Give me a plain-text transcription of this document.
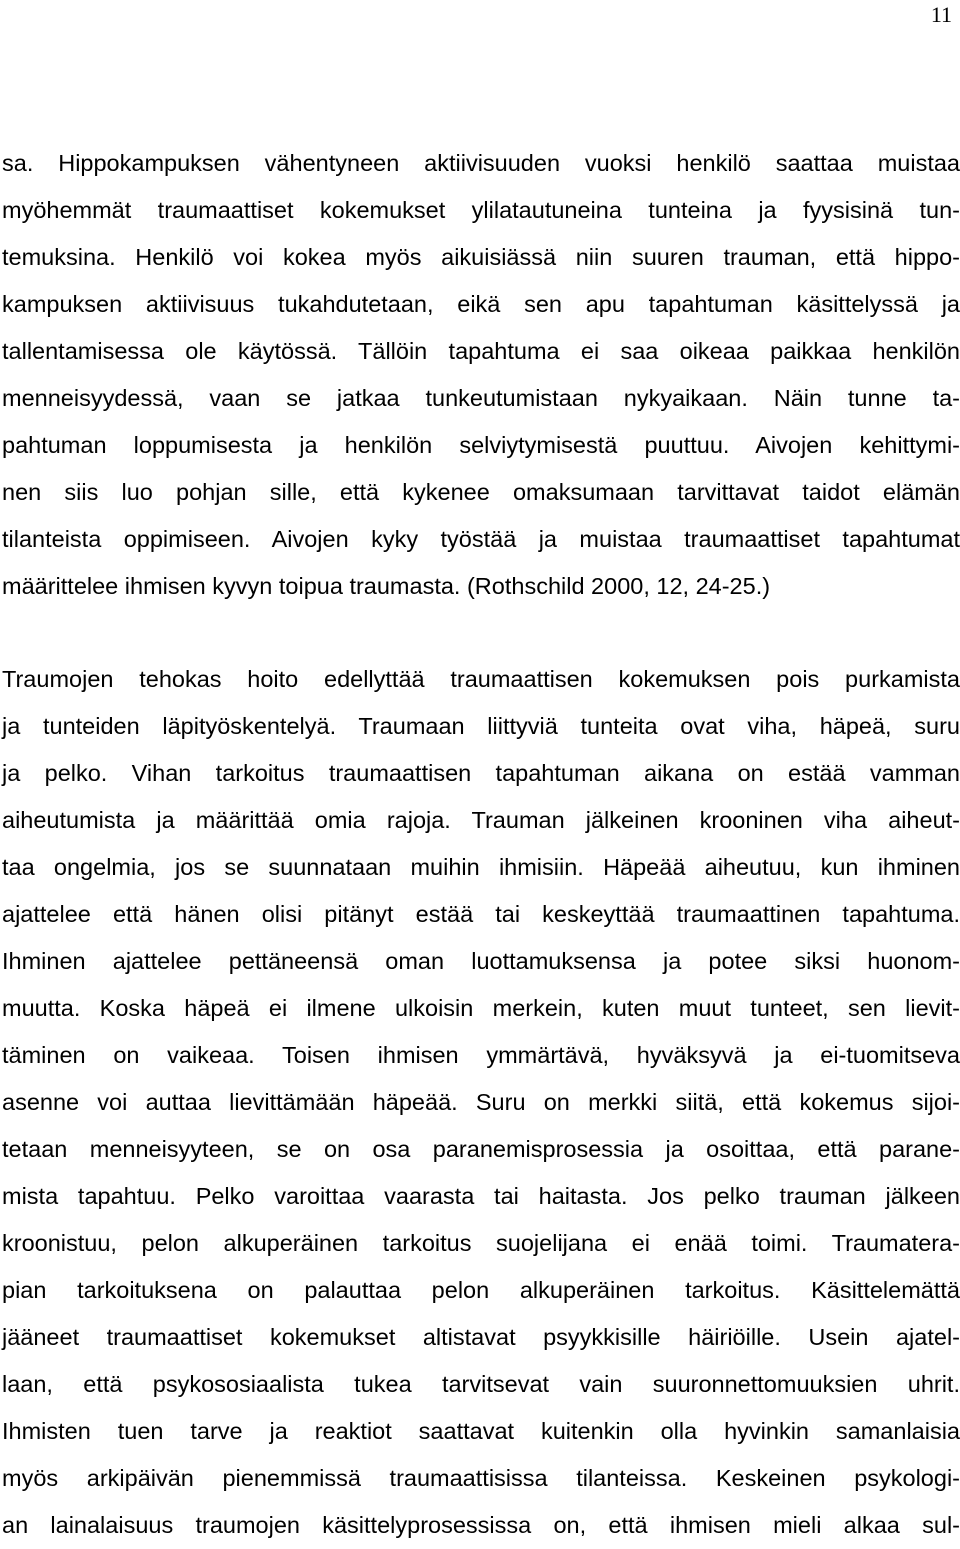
11
sa. Hippokampuksen vähentyneen aktiivisuuden vuoksi henkilö saattaa muistaa
myöhemmät traumaattiset kokemukset ylilatautuneina tunteina ja fyysisinä tun-
temuksina. Henkilö voi kokea myös aikuisiässä niin suuren trauman, että hippo-
kampuksen aktiivisuus tukahdutetaan, eikä sen apu tapahtuman käsittelyssä ja
tallentamisessa ole käytössä. Tällöin tapahtuma ei saa oikeaa paikkaa henkilön
menneisyydessä, vaan se jatkaa tunkeutumistaan nykyaikaan. Näin tunne ta-
pahtuman loppumisesta ja henkilön selviytymisestä puuttuu. Aivojen kehittymi-
nen siis luo pohjan sille, että kykenee omaksumaan tarvittavat taidot elämän
tilanteista oppimiseen. Aivojen kyky työstää ja muistaa traumaattiset tapahtumat
määrittelee ihmisen kyvyn toipua traumasta. (Rothschild 2000, 12, 24-25.)
Traumojen tehokas hoito edellyttää traumaattisen kokemuksen pois purkamista
ja tunteiden läpityöskentelyä. Traumaan liittyviä tunteita ovat viha, häpeä, suru
ja pelko. Vihan tarkoitus traumaattisen tapahtuman aikana on estää vamman
aiheutumista ja määrittää omia rajoja. Trauman jälkeinen krooninen viha aiheut-
taa ongelmia, jos se suunnataan muihin ihmisiin. Häpeää aiheutuu, kun ihminen
ajattelee että hänen olisi pitänyt estää tai keskeyttää traumaattinen tapahtuma.
Ihminen ajattelee pettäneensä oman luottamuksensa ja potee siksi huonom-
muutta. Koska häpeä ei ilmene ulkoisin merkein, kuten muut tunteet, sen lievit-
täminen on vaikeaa. Toisen ihmisen ymmärtävä, hyväksyvä ja ei-tuomitseva
asenne voi auttaa lievittämään häpeää. Suru on merkki siitä, että kokemus sijoi-
tetaan menneisyyteen, se on osa paranemisprosessia ja osoittaa, että parane-
mista tapahtuu. Pelko varoittaa vaarasta tai haitasta. Jos pelko trauman jälkeen
kroonistuu, pelon alkuperäinen tarkoitus suojelijana ei enää toimi. Traumatera-
pian tarkoituksena on palauttaa pelon alkuperäinen tarkoitus. Käsittelemättä
jääneet traumaattiset kokemukset altistavat psyykkisille häiriöille. Usein ajatel-
laan, että psykososiaalista tukea tarvitsevat vain suuronnettomuuksien uhrit.
Ihmisten tuen tarve ja reaktiot saattavat kuitenkin olla hyvinkin samanlaisia
myös arkipäivän pienemmissä traumaattisissa tilanteissa. Keskeinen psykologi-
an lainalaisuus traumojen käsittelyprosessissa on, että ihmisen mieli alkaa sul-
